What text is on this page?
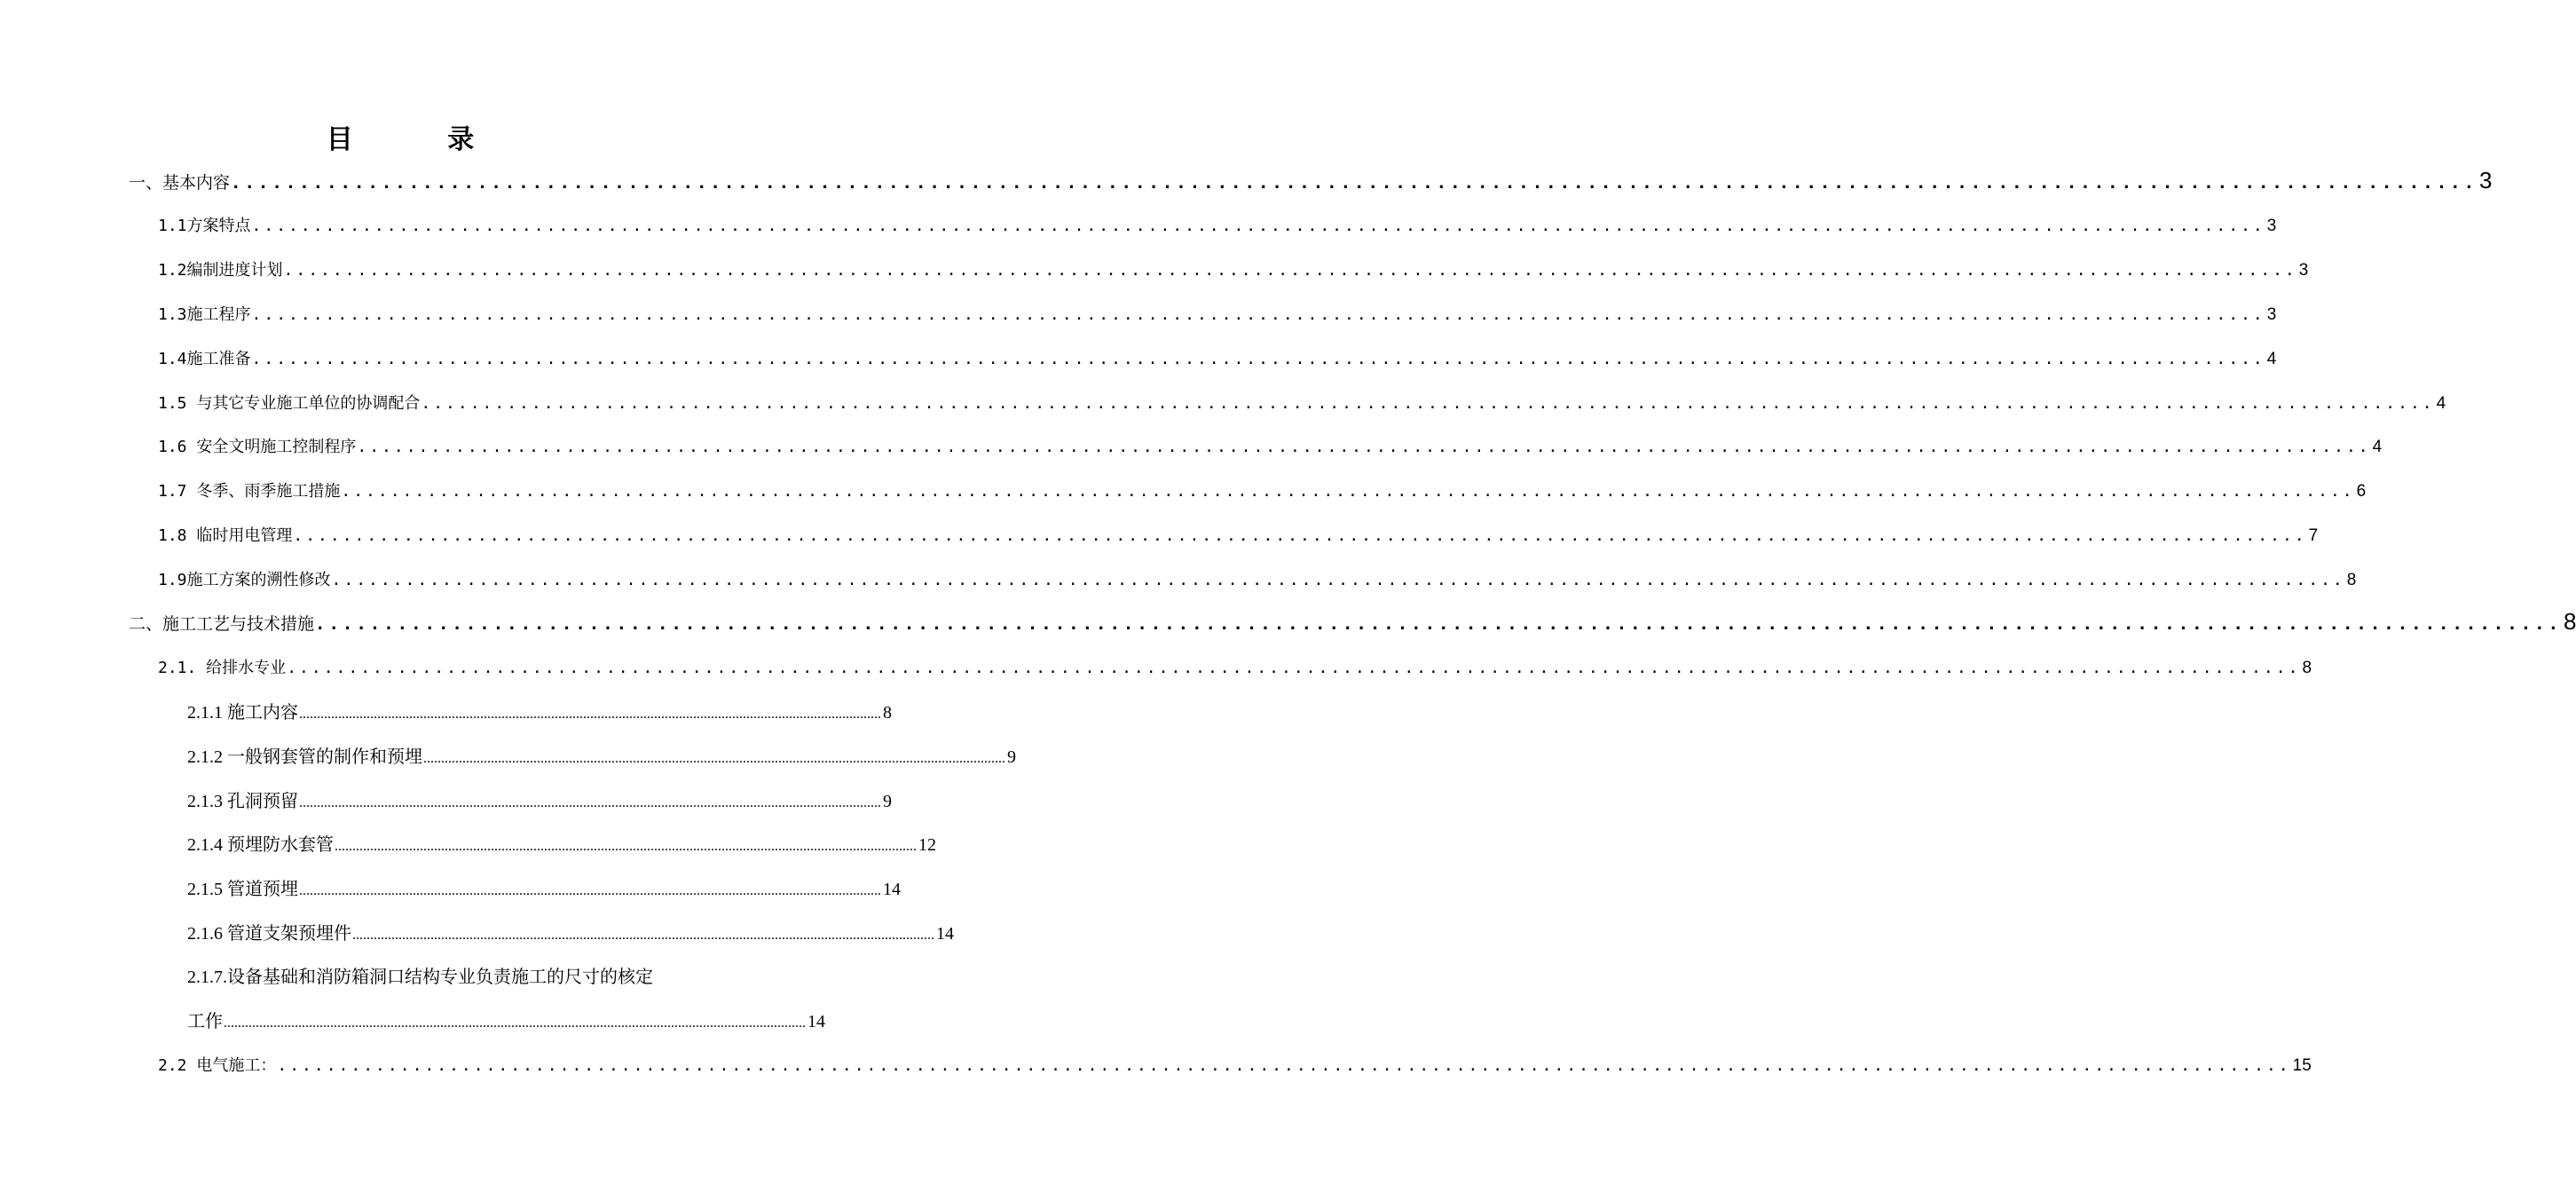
目 录
一、基本内容 .................................................................................................................................................................... 3
1.1方案特点 .................................................................................................................................................................... 3
1.2编制进度计划 .................................................................................................................................................................... 3
1.3施工程序 .................................................................................................................................................................... 3
1.4施工准备 .................................................................................................................................................................... 4
1.5 与其它专业施工单位的协调配合 .................................................................................................................................................................... 4
1.6 安全文明施工控制程序 .................................................................................................................................................................... 4
1.7 冬季、雨季施工措施 .................................................................................................................................................................... 6
1.8 临时用电管理 .................................................................................................................................................................... 7
1.9施工方案的溯性修改 .................................................................................................................................................................... 8
二、施工工艺与技术措施 .................................................................................................................................................................... 8
2.1. 给排水专业 .................................................................................................................................................................... 8
2.1.1 施工内容 .................................................................................................................................................................... 8
2.1.2 一般钢套管的制作和预埋 .................................................................................................................................................................... 9
2.1.3 孔洞预留 .................................................................................................................................................................... 9
2.1.4 预埋防水套管 .................................................................................................................................................................... 12
2.1.5 管道预埋 .................................................................................................................................................................... 14
2.1.6 管道支架预埋件 .................................................................................................................................................................... 14
2.1.7.设备基础和消防箱洞口结构专业负责施工的尺寸的核定
工作 .................................................................................................................................................................... 14
2.2 电气施工： .................................................................................................................................................................... 15
